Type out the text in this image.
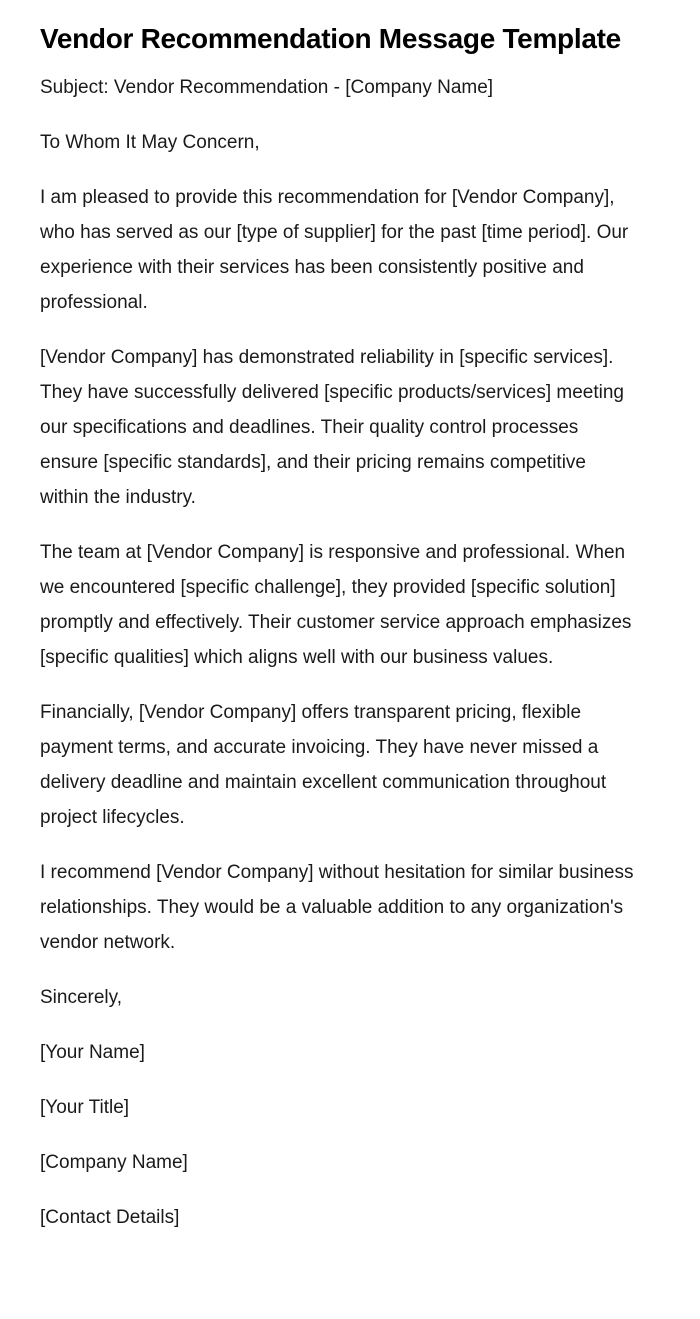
Vendor Recommendation Message Template

Subject: Vendor Recommendation - [Company Name]

To Whom It May Concern,

I am pleased to provide this recommendation for [Vendor Company], who has served as our [type of supplier] for the past [time period]. Our experience with their services has been consistently positive and professional.

[Vendor Company] has demonstrated reliability in [specific services]. They have successfully delivered [specific products/services] meeting our specifications and deadlines. Their quality control processes ensure [specific standards], and their pricing remains competitive within the industry.

The team at [Vendor Company] is responsive and professional. When we encountered [specific challenge], they provided [specific solution] promptly and effectively. Their customer service approach emphasizes [specific qualities] which aligns well with our business values.

Financially, [Vendor Company] offers transparent pricing, flexible payment terms, and accurate invoicing. They have never missed a delivery deadline and maintain excellent communication throughout project lifecycles.

I recommend [Vendor Company] without hesitation for similar business relationships. They would be a valuable addition to any organization's vendor network.

Sincerely,

[Your Name]

[Your Title]

[Company Name]

[Contact Details]
